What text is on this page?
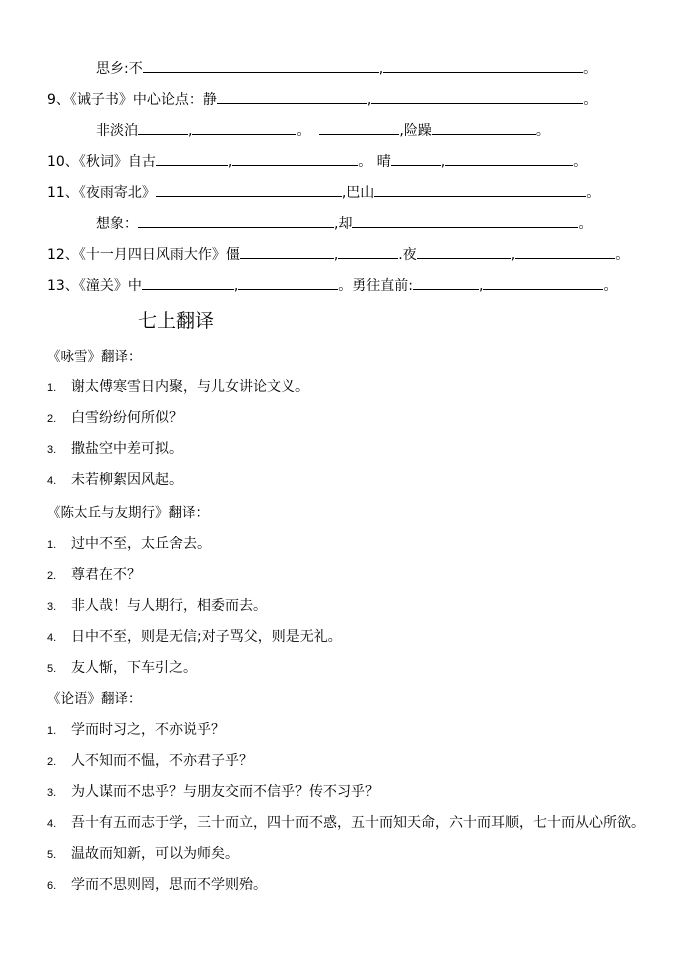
思乡:不	,	。
9、《诫子书》中心论点：静	,	。
非淡泊	,	。	,险躁	。
10、《秋词》自古	,	。 晴	,	。
11、《夜雨寄北》	,巴山	。
想象：	,却	。
12、《十一月四日风雨大作》僵	,	.夜	,	。
13、《潼关》中	,	。勇往直前:	,	。
七上翻译
《咏雪》翻译：
1. 谢太傅寒雪日内聚，与儿女讲论文义。
2. 白雪纷纷何所似？
3. 撒盐空中差可拟。
4. 未若柳絮因风起。
《陈太丘与友期行》翻译：
1. 过中不至，太丘舍去。
2. 尊君在不？
3. 非人哉！与人期行，相委而去。
4. 日中不至，则是无信;对子骂父，则是无礼。
5. 友人惭，下车引之。
《论语》翻译：
1. 学而时习之，不亦说乎？
2. 人不知而不愠，不亦君子乎？
3. 为人谋而不忠乎？与朋友交而不信乎？传不习乎？
4. 吾十有五而志于学，三十而立，四十而不惑，五十而知天命，六十而耳顺，七十而从心所欲。
5. 温故而知新，可以为师矣。
6. 学而不思则罔，思而不学则殆。
